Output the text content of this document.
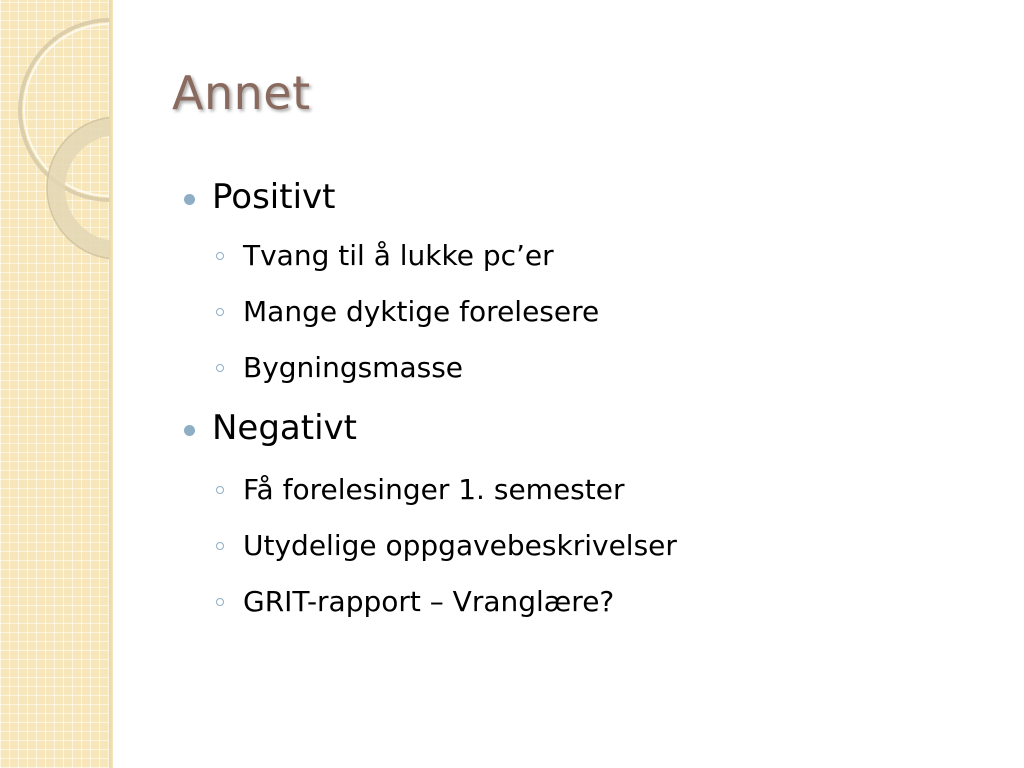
Annet
Positivt
Tvang til å lukke pc’er
Mange dyktige forelesere
Bygningsmasse
Negativt
Få forelesinger 1. semester
Utydelige oppgavebeskrivelser
GRIT-rapport – Vranglære?
